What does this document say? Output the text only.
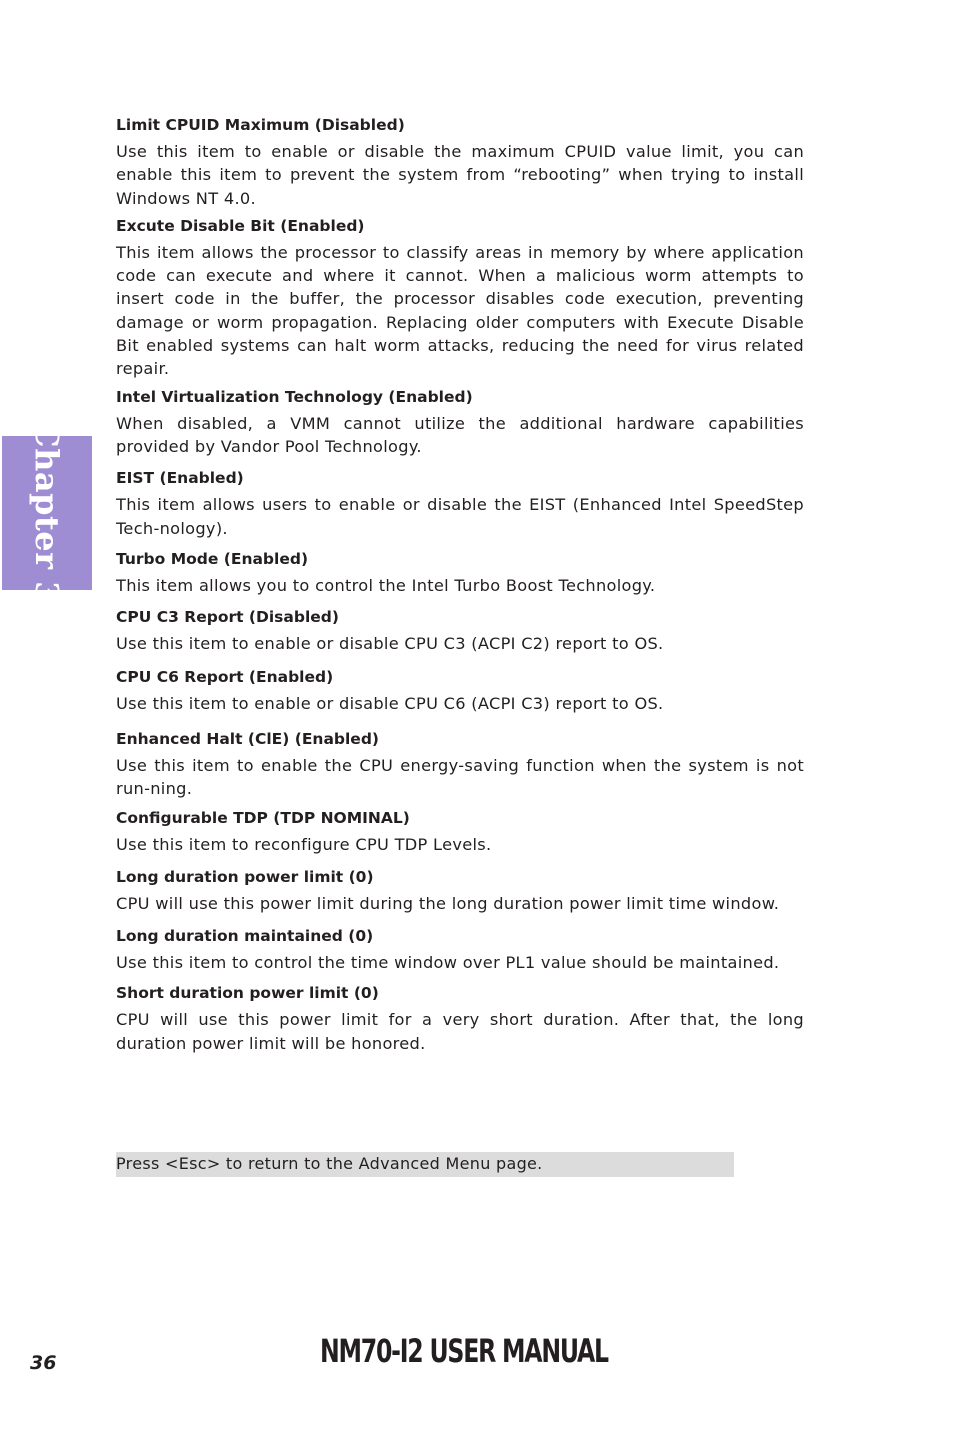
Chapter 3
Limit CPUID Maximum (Disabled)
Use this item to enable or disable the maximum CPUID value limit, you can enable this item to prevent the system from “rebooting” when trying to install Windows NT 4.0.
Excute Disable Bit (Enabled)
This item allows the processor to classify areas in memory by where application code can execute and where it cannot. When a malicious worm attempts to insert code in the buffer, the processor disables code execution, preventing damage or worm propagation. Replacing older computers with Execute Disable Bit enabled systems can halt worm attacks, reducing the need for virus related repair.
Intel Virtualization Technology (Enabled)
When disabled, a VMM cannot utilize the additional hardware capabilities provided by Vandor Pool Technology.
EIST (Enabled)
This item allows users to enable or disable the EIST (Enhanced Intel SpeedStep Tech-nology).
Turbo Mode (Enabled)
This item allows you to control the Intel Turbo Boost Technology.
CPU C3 Report (Disabled)
Use this item to enable or disable CPU C3 (ACPI C2) report to OS.
CPU C6 Report (Enabled)
Use this item to enable or disable CPU C6 (ACPI C3) report to OS.
Enhanced Halt (ClE) (Enabled)
Use this item to enable the CPU energy-saving function when the system is not run-ning.
Configurable TDP (TDP NOMINAL)
Use this item to reconfigure CPU TDP Levels.
Long duration power limit (0)
CPU will use this power limit during the long duration power limit time window.
Long duration maintained (0)
Use this item to control the time window over PL1 value should be maintained.
Short duration power limit (0)
CPU will use this power limit for a very short duration. After that, the long duration power limit will be honored.
Press <Esc> to return to the Advanced Menu page.
36	NM70-I2 USER MANUAL
